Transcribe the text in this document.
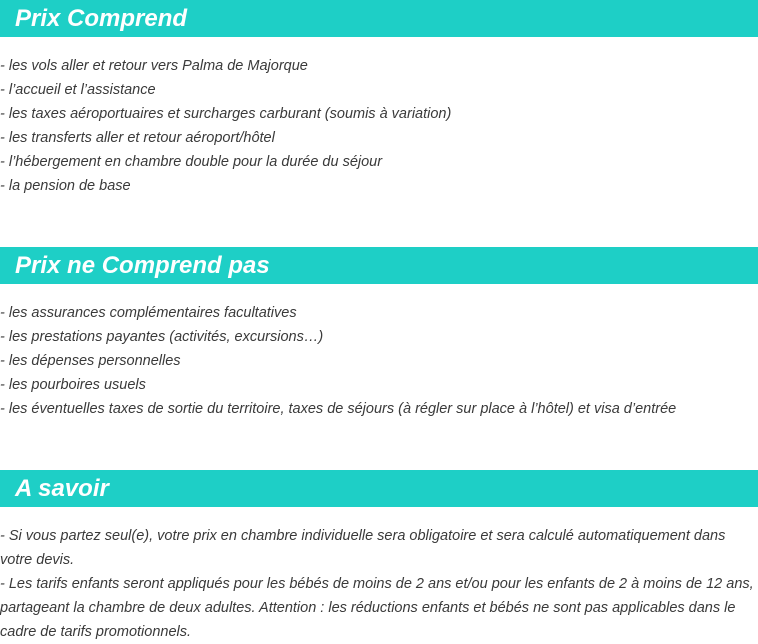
Prix Comprend
- les vols aller et retour vers Palma de Majorque
- l’accueil et l’assistance
- les taxes aéroportuaires et surcharges carburant (soumis à variation)
- les transferts aller et retour aéroport/hôtel
- l’hébergement en chambre double pour la durée du séjour
- la pension de base
Prix ne Comprend pas
- les assurances complémentaires facultatives
- les prestations payantes (activités, excursions…)
- les dépenses personnelles
- les pourboires usuels
- les éventuelles taxes de sortie du territoire, taxes de séjours (à régler sur place à l’hôtel) et visa d’entrée
A savoir

- Si vous partez seul(e), votre prix en chambre individuelle sera obligatoire et sera calculé automatiquement dans votre devis.

- Les tarifs enfants seront appliqués pour les bébés de moins de 2 ans et/ou pour les enfants de 2 à moins de 12 ans, partageant la chambre de deux adultes. Attention : les réductions enfants et bébés ne sont pas applicables dans le cadre de tarifs promotionnels.
